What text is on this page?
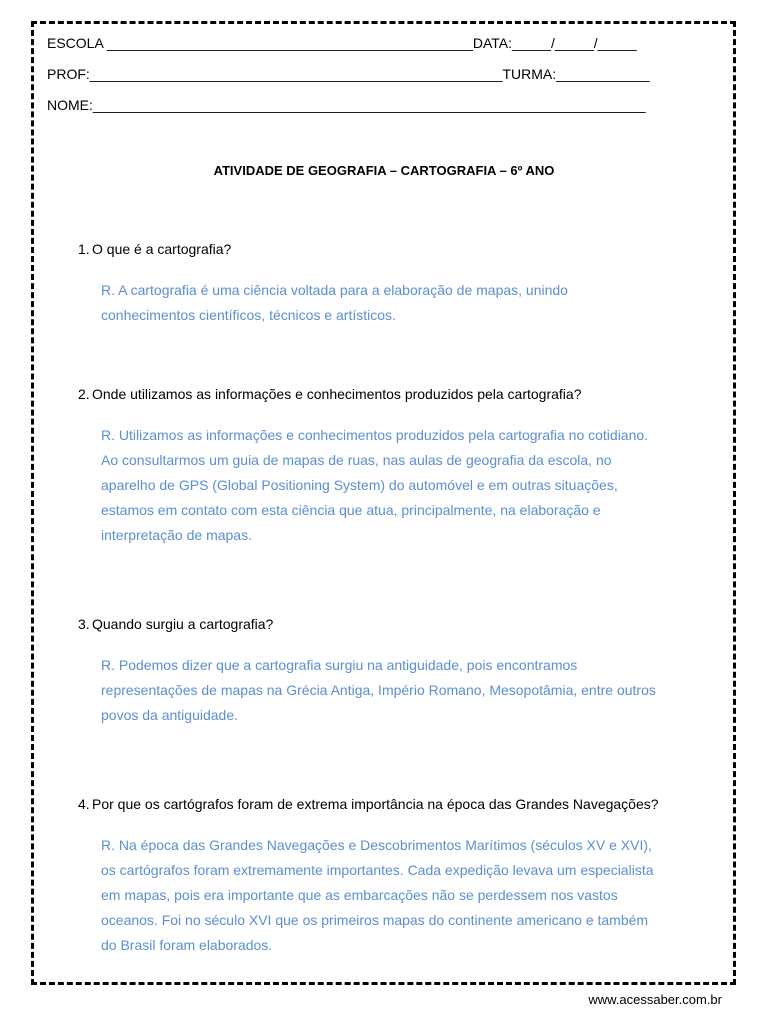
ESCOLA _______________________________________________DATA:_____/_____/_____
PROF:_____________________________________________________TURMA:____________
NOME:_______________________________________________________________________
ATIVIDADE DE GEOGRAFIA – CARTOGRAFIA – 6º ANO
1. O que é a cartografia?
R. A cartografia é uma ciência voltada para a elaboração de mapas, unindo
conhecimentos científicos, técnicos e artísticos.
2. Onde utilizamos as informações e conhecimentos produzidos pela cartografia?
R. Utilizamos as informações e conhecimentos produzidos pela cartografia no cotidiano.
Ao consultarmos um guia de mapas de ruas, nas aulas de geografia da escola, no
aparelho de GPS (Global Positioning System) do automóvel e em outras situações,
estamos em contato com esta ciência que atua, principalmente, na elaboração e
interpretação de mapas.
3. Quando surgiu a cartografia?
R. Podemos dizer que a cartografia surgiu na antiguidade, pois encontramos
representações de mapas na Grécia Antiga, Império Romano, Mesopotâmia, entre outros
povos da antiguidade.
4. Por que os cartógrafos foram de extrema importância na época das Grandes Navegações?
R. Na época das Grandes Navegações e Descobrimentos Marítimos (séculos XV e XVI),
os cartógrafos foram extremamente importantes. Cada expedição levava um especialista
em mapas, pois era importante que as embarcações não se perdessem nos vastos
oceanos. Foi no século XVI que os primeiros mapas do continente americano e também
do Brasil foram elaborados.
www.acessaber.com.br
